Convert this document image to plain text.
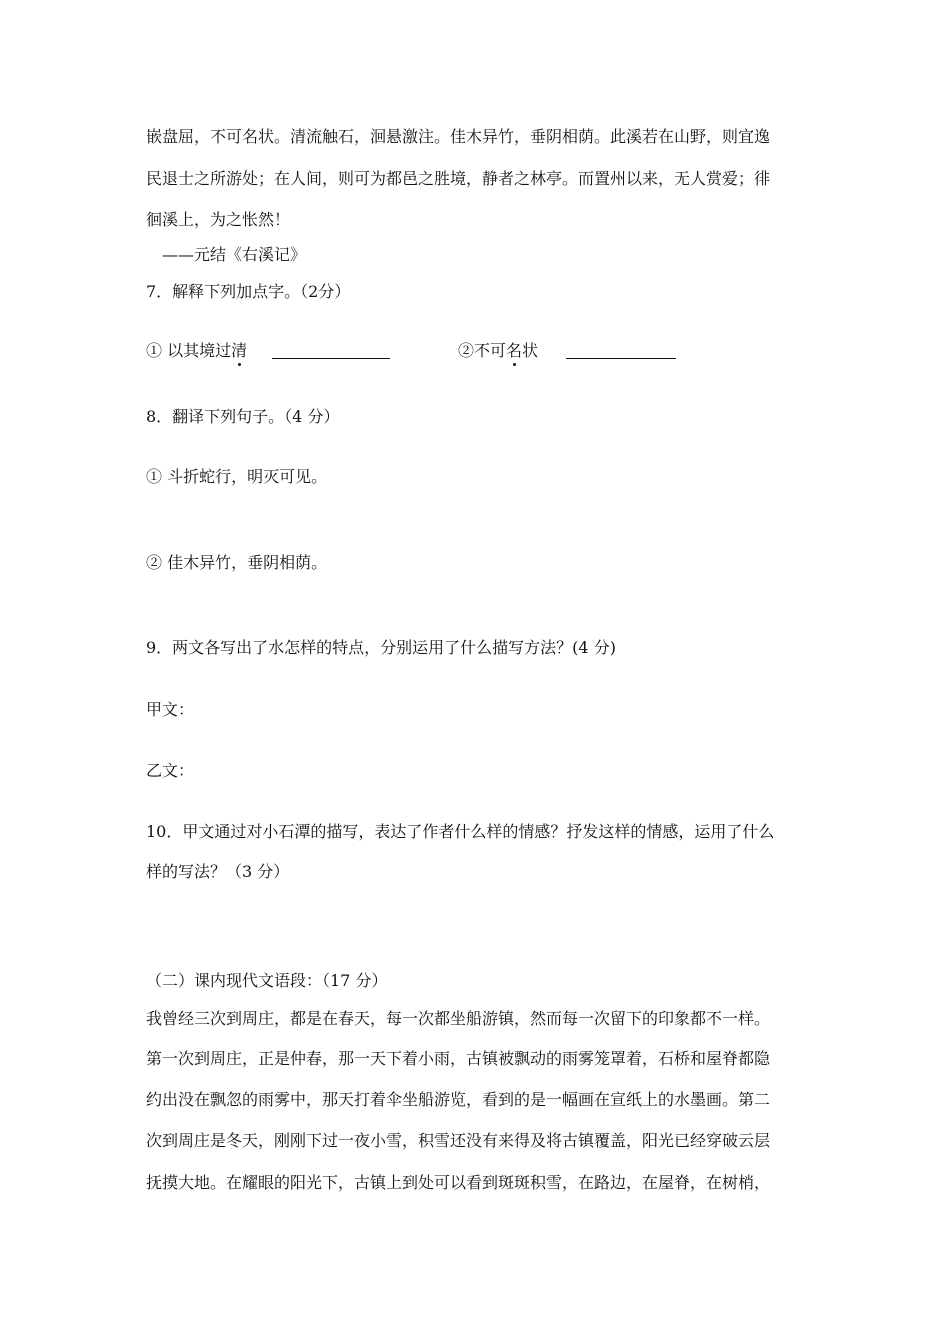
嵌盘屈，不可名状。清流触石，洄悬激注。佳木异竹，垂阴相荫。此溪若在山野，则宜逸
民退士之所游处；在人间，则可为都邑之胜境，静者之林亭。而置州以来，无人赏爱；徘
徊溪上，为之怅然！
——元结《右溪记》
7．解释下列加点字。（2分）
① 以其境过清	②不可名状
8．翻译下列句子。（4 分）
① 斗折蛇行，明灭可见。
② 佳木异竹，垂阴相荫。
9．两文各写出了水怎样的特点，分别运用了什么描写方法？(4 分)
甲文：
乙文：
10．甲文通过对小石潭的描写，表达了作者什么样的情感？抒发这样的情感，运用了什么
样的写法？（3 分）
（二）课内现代文语段：（17 分）
我曾经三次到周庄，都是在春天，每一次都坐船游镇，然而每一次留下的印象都不一样。
第一次到周庄，正是仲春，那一天下着小雨，古镇被飘动的雨雾笼罩着，石桥和屋脊都隐
约出没在飘忽的雨雾中，那天打着伞坐船游览，看到的是一幅画在宣纸上的水墨画。第二
次到周庄是冬天，刚刚下过一夜小雪，积雪还没有来得及将古镇覆盖，阳光已经穿破云层
抚摸大地。在耀眼的阳光下，古镇上到处可以看到斑斑积雪，在路边，在屋脊，在树梢，
